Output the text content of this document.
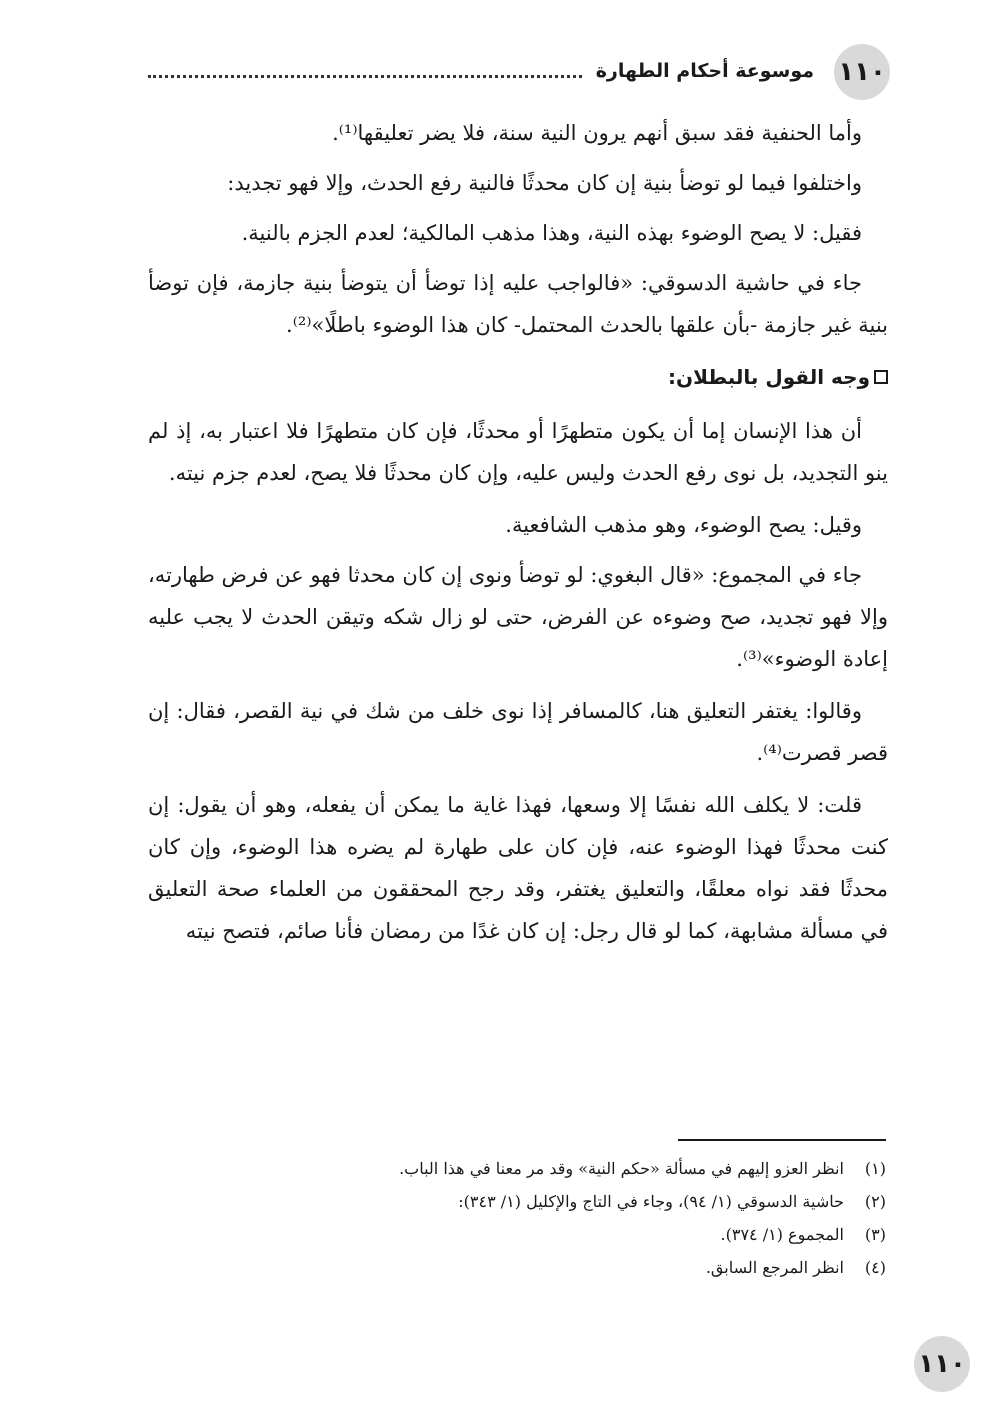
١١٠
موسوعة أحكام الطهارة

وأما الحنفية فقد سبق أنهم يرون النية سنة، فلا يضر تعليقها⁽¹⁾.

واختلفوا فيما لو توضأ بنية إن كان محدثًا فالنية رفع الحدث، وإلا فهو تجديد:

فقيل: لا يصح الوضوء بهذه النية، وهذا مذهب المالكية؛ لعدم الجزم بالنية.

جاء في حاشية الدسوقي: «فالواجب عليه إذا توضأ أن يتوضأ بنية جازمة، فإن توضأ بنية غير جازمة -بأن علقها بالحدث المحتمل- كان هذا الوضوء باطلًا»⁽²⁾.

وجه القول بالبطلان:

أن هذا الإنسان إما أن يكون متطهرًا أو محدثًا، فإن كان متطهرًا فلا اعتبار به، إذ لم ينو التجديد، بل نوى رفع الحدث وليس عليه، وإن كان محدثًا فلا يصح، لعدم جزم نيته.

وقيل: يصح الوضوء، وهو مذهب الشافعية.

جاء في المجموع: «قال البغوي: لو توضأ ونوى إن كان محدثا فهو عن فرض طهارته، وإلا فهو تجديد، صح وضوءه عن الفرض، حتى لو زال شكه وتيقن الحدث لا يجب عليه إعادة الوضوء»⁽³⁾.

وقالوا: يغتفر التعليق هنا، كالمسافر إذا نوى خلف من شك في نية القصر، فقال: إن قصر قصرت⁽⁴⁾.

قلت: لا يكلف الله نفسًا إلا وسعها، فهذا غاية ما يمكن أن يفعله، وهو أن يقول: إن كنت محدثًا فهذا الوضوء عنه، فإن كان على طهارة لم يضره هذا الوضوء، وإن كان محدثًا فقد نواه معلقًا، والتعليق يغتفر، وقد رجح المحققون من العلماء صحة التعليق في مسألة مشابهة، كما لو قال رجل: إن كان غدًا من رمضان فأنا صائم، فتصح نيته

(١)
انظر العزو إليهم في مسألة «حكم النية» وقد مر معنا في هذا الباب.
(٢)
حاشية الدسوقي (١/ ٩٤)، وجاء في التاج والإكليل (١/ ٣٤٣):
(٣)
المجموع (١/ ٣٧٤).
(٤)
انظر المرجع السابق.
١١٠
